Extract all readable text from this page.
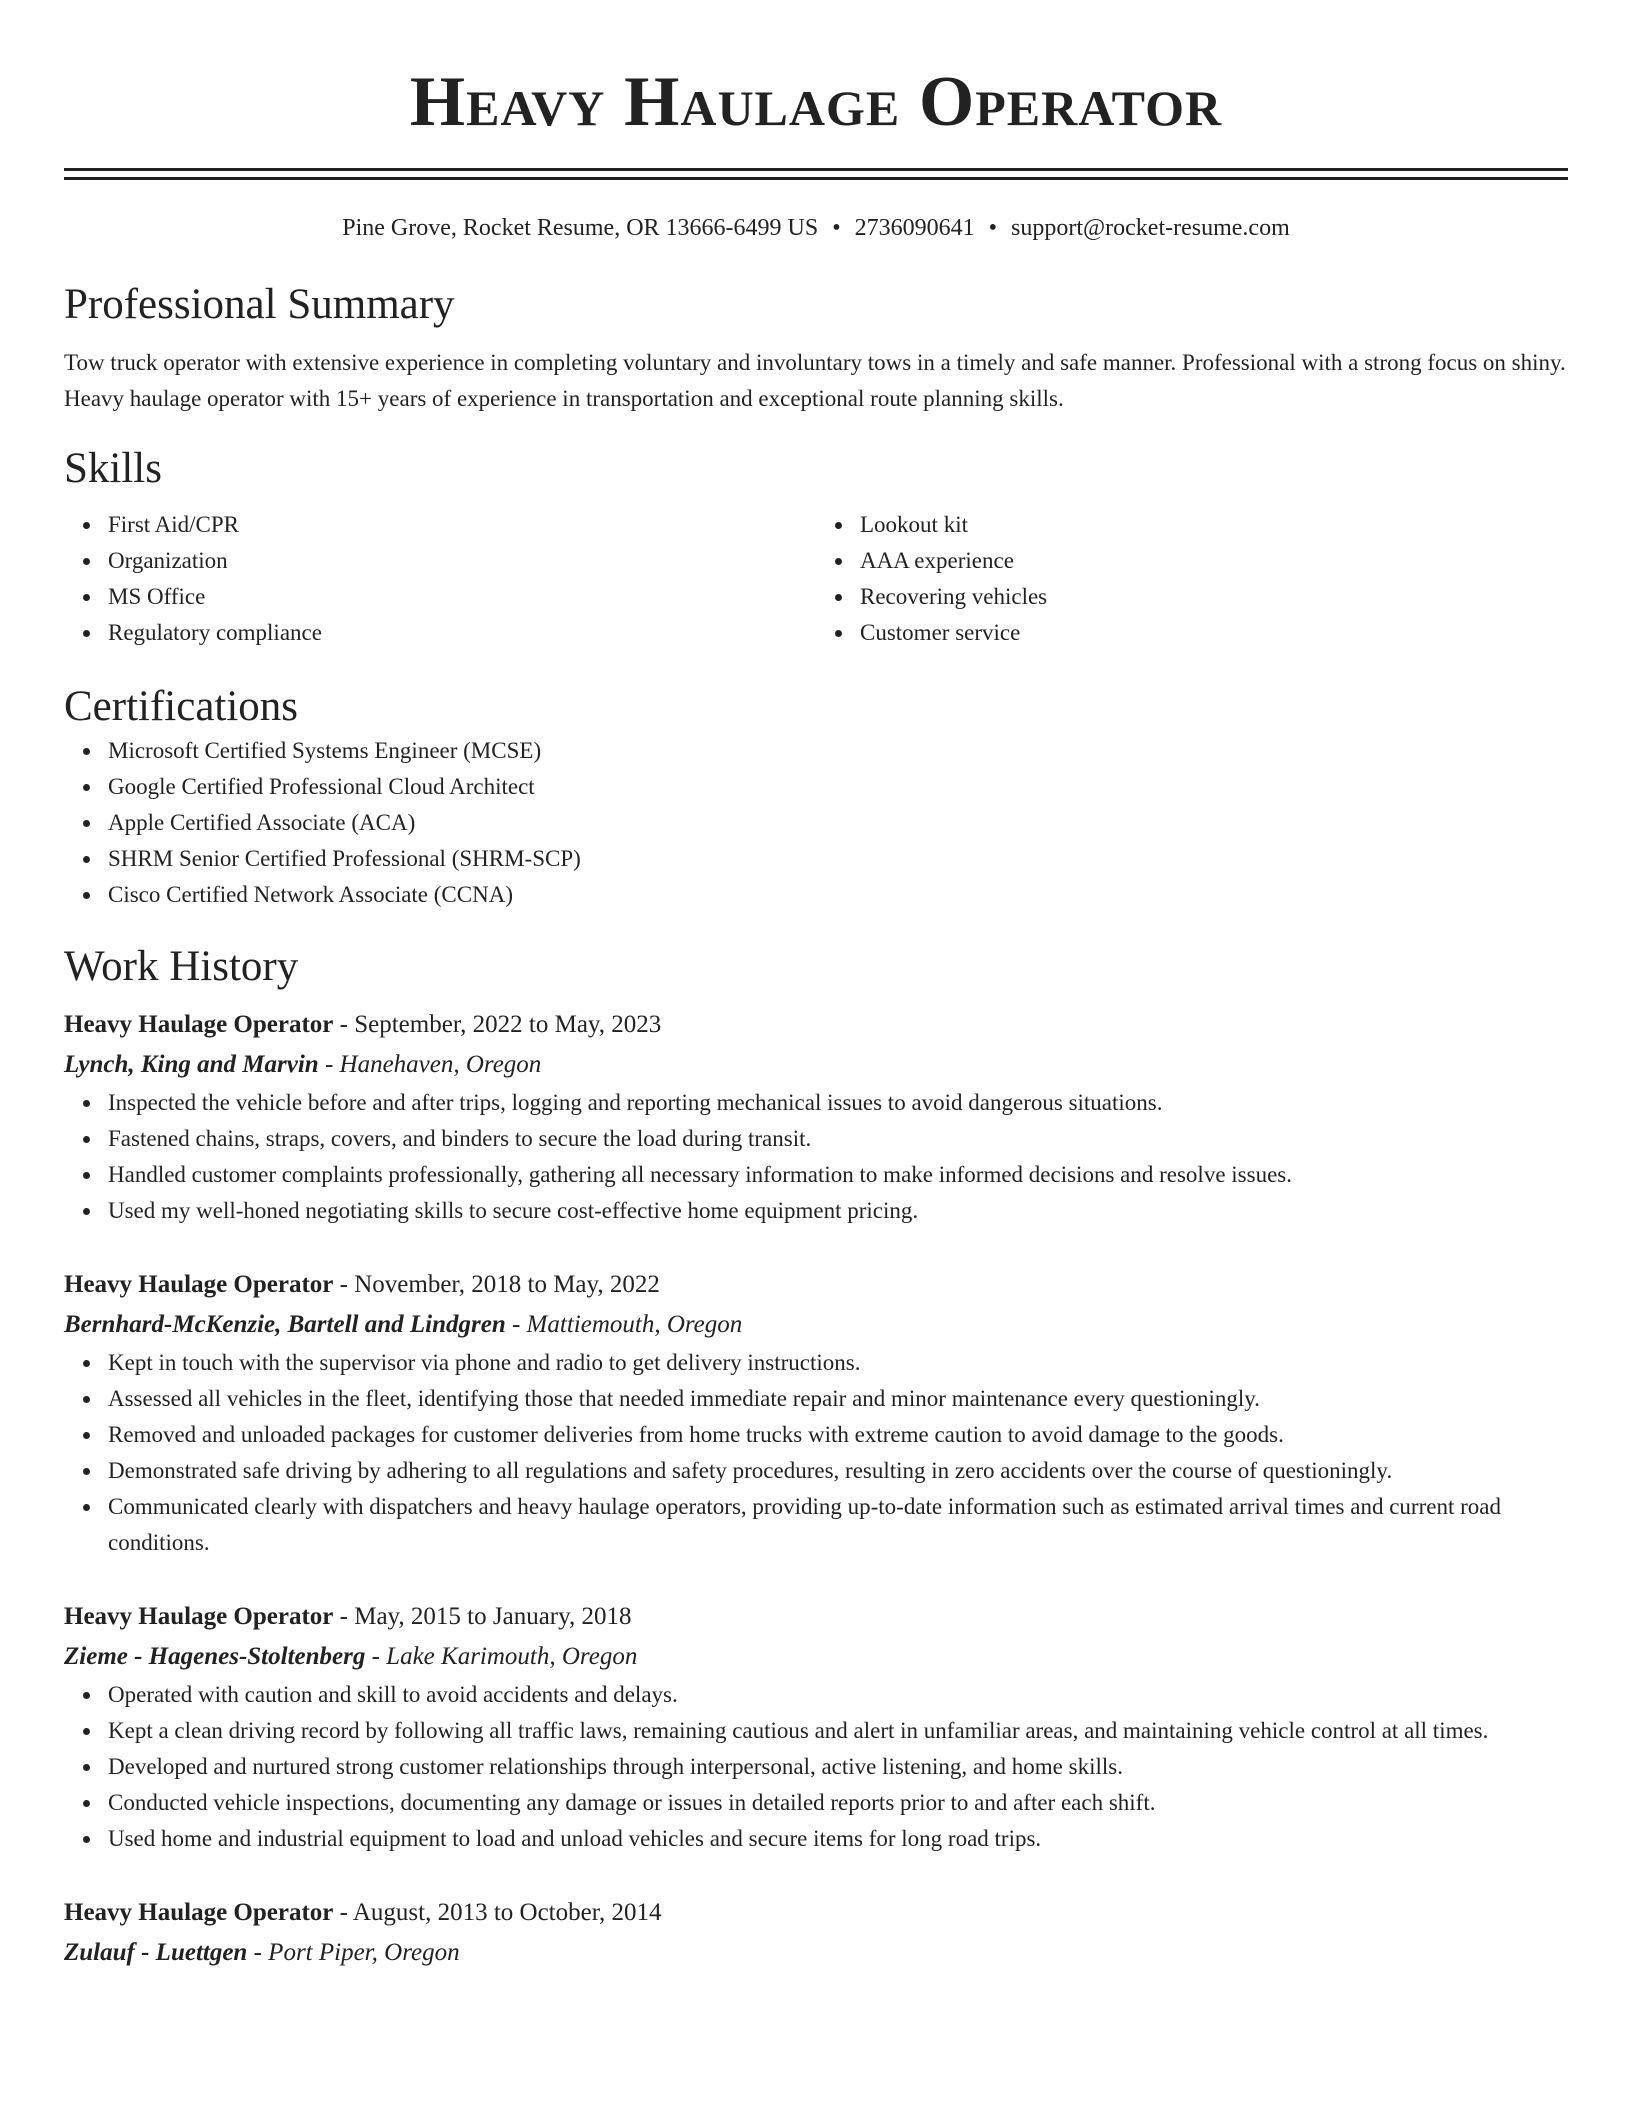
Heavy Haulage Operator
Pine Grove, Rocket Resume, OR 13666-6499 US • 2736090641 • support@rocket-resume.com
Professional Summary
Tow truck operator with extensive experience in completing voluntary and involuntary tows in a timely and safe manner. Professional with a strong focus on shiny. Heavy haulage operator with 15+ years of experience in transportation and exceptional route planning skills.
Skills
First Aid/CPR
Organization
MS Office
Regulatory compliance
Lookout kit
AAA experience
Recovering vehicles
Customer service
Certifications
Microsoft Certified Systems Engineer (MCSE)
Google Certified Professional Cloud Architect
Apple Certified Associate (ACA)
SHRM Senior Certified Professional (SHRM-SCP)
Cisco Certified Network Associate (CCNA)
Work History
Heavy Haulage Operator - September, 2022 to May, 2023
Lynch, King and Marvin - Hanehaven, Oregon
Inspected the vehicle before and after trips, logging and reporting mechanical issues to avoid dangerous situations.
Fastened chains, straps, covers, and binders to secure the load during transit.
Handled customer complaints professionally, gathering all necessary information to make informed decisions and resolve issues.
Used my well-honed negotiating skills to secure cost-effective home equipment pricing.
Heavy Haulage Operator - November, 2018 to May, 2022
Bernhard-McKenzie, Bartell and Lindgren - Mattiemouth, Oregon
Kept in touch with the supervisor via phone and radio to get delivery instructions.
Assessed all vehicles in the fleet, identifying those that needed immediate repair and minor maintenance every questioningly.
Removed and unloaded packages for customer deliveries from home trucks with extreme caution to avoid damage to the goods.
Demonstrated safe driving by adhering to all regulations and safety procedures, resulting in zero accidents over the course of questioningly.
Communicated clearly with dispatchers and heavy haulage operators, providing up-to-date information such as estimated arrival times and current road conditions.
Heavy Haulage Operator - May, 2015 to January, 2018
Zieme - Hagenes-Stoltenberg - Lake Karimouth, Oregon
Operated with caution and skill to avoid accidents and delays.
Kept a clean driving record by following all traffic laws, remaining cautious and alert in unfamiliar areas, and maintaining vehicle control at all times.
Developed and nurtured strong customer relationships through interpersonal, active listening, and home skills.
Conducted vehicle inspections, documenting any damage or issues in detailed reports prior to and after each shift.
Used home and industrial equipment to load and unload vehicles and secure items for long road trips.
Heavy Haulage Operator - August, 2013 to October, 2014
Zulauf - Luettgen - Port Piper, Oregon
